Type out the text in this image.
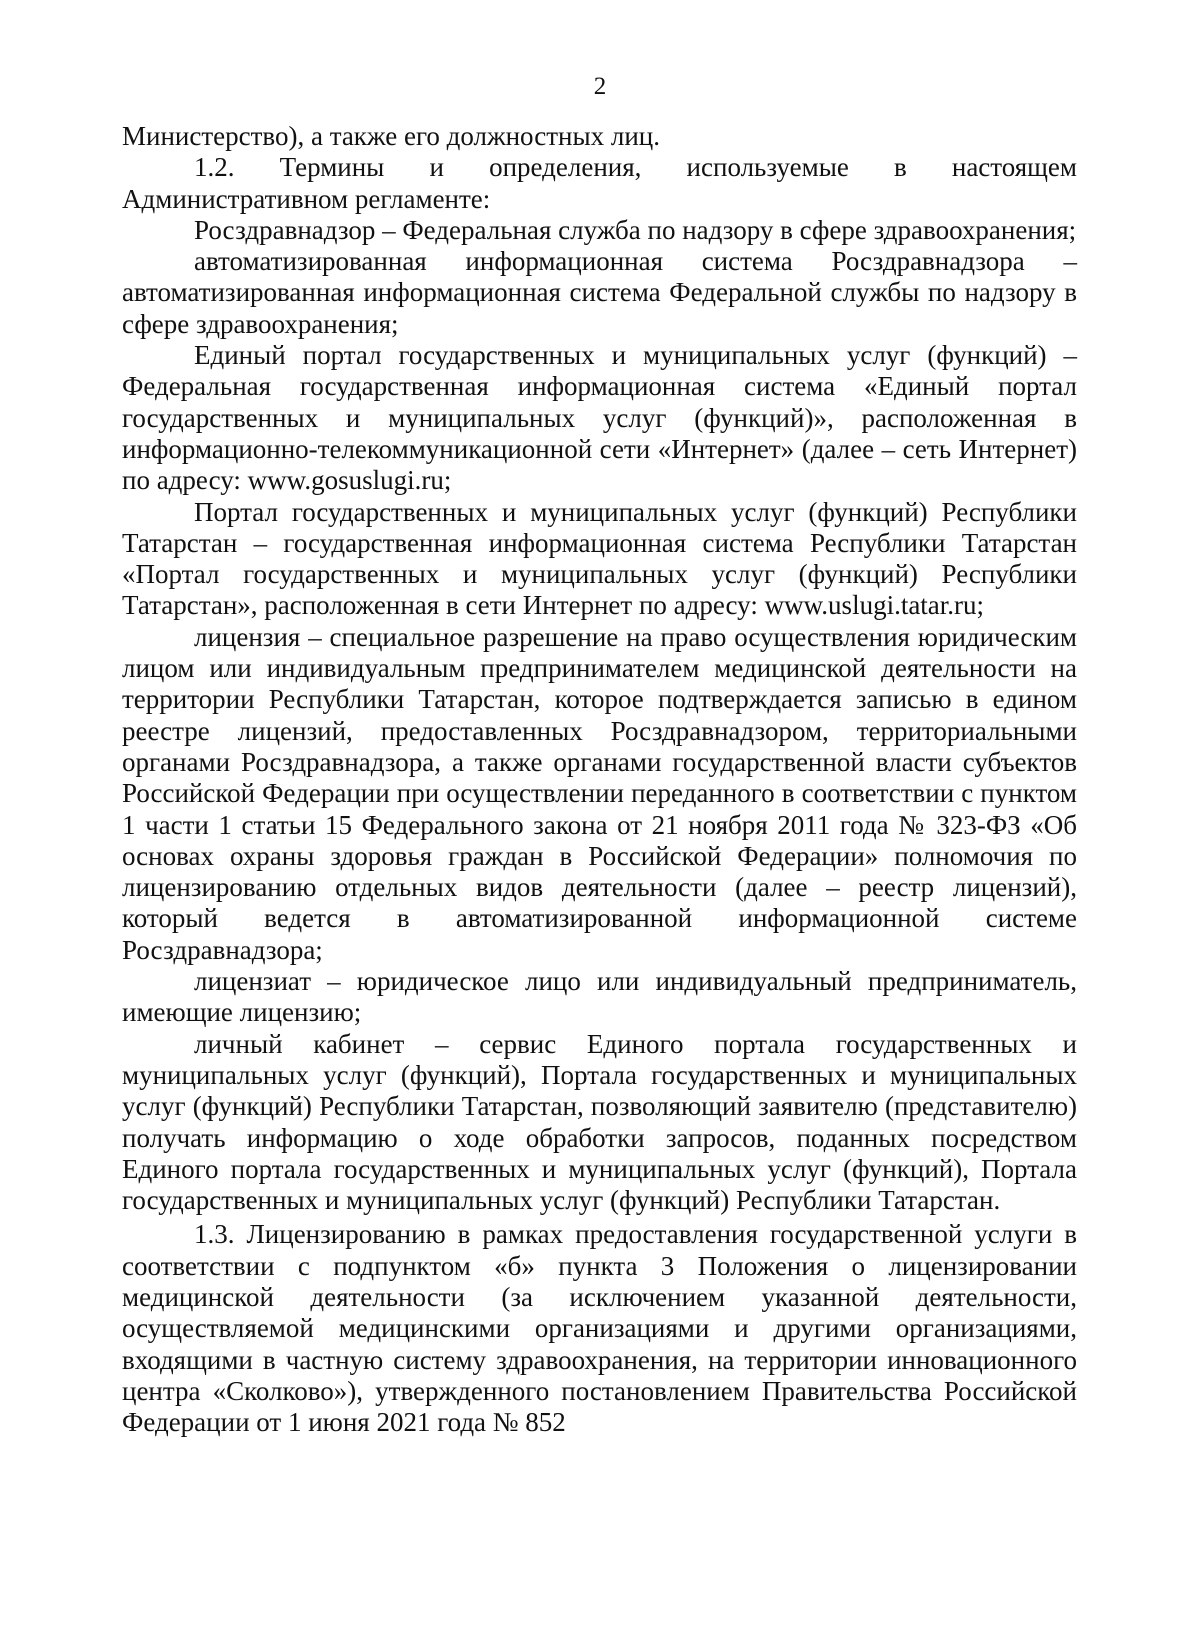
2

Министерство), а также его должностных лиц.

1.2. Термины и определения, используемые в настоящем Административном регламенте:

Росздравнадзор – Федеральная служба по надзору в сфере здравоохранения;

автоматизированная информационная система Росздравнадзора – автоматизированная информационная система Федеральной службы по надзору в сфере здравоохранения;

Единый портал государственных и муниципальных услуг (функций) – Федеральная государственная информационная система «Единый портал государственных и муниципальных услуг (функций)», расположенная в информационно-телекоммуникационной сети «Интернет» (далее – сеть Интернет) по адресу: www.gosuslugi.ru;

Портал государственных и муниципальных услуг (функций) Республики Татарстан – государственная информационная система Республики Татарстан «Портал государственных и муниципальных услуг (функций) Республики Татарстан», расположенная в сети Интернет по адресу: www.uslugi.tatar.ru;

лицензия – специальное разрешение на право осуществления юридическим лицом или индивидуальным предпринимателем медицинской деятельности на территории Республики Татарстан, которое подтверждается записью в едином реестре лицензий, предоставленных Росздравнадзором, территориальными органами Росздравнадзора, а также органами государственной власти субъектов Российской Федерации при осуществлении переданного в соответствии с пунктом 1 части 1 статьи 15 Федерального закона от 21 ноября 2011 года № 323-ФЗ «Об основах охраны здоровья граждан в Российской Федерации» полномочия по лицензированию отдельных видов деятельности (далее – реестр лицензий), который ведется в автоматизированной информационной системе Росздравнадзора;

лицензиат – юридическое лицо или индивидуальный предприниматель, имеющие лицензию;

личный кабинет – сервис Единого портала государственных и муниципальных услуг (функций), Портала государственных и муниципальных услуг (функций) Республики Татарстан, позволяющий заявителю (представителю) получать информацию о ходе обработки запросов, поданных посредством Единого портала государственных и муниципальных услуг (функций), Портала государственных и муниципальных услуг (функций) Республики Татарстан.

1.3. Лицензированию в рамках предоставления государственной услуги в соответствии с подпунктом «б» пункта 3 Положения о лицензировании медицинской деятельности (за исключением указанной деятельности, осуществляемой медицинскими организациями и другими организациями, входящими в частную систему здравоохранения, на территории инновационного центра «Сколково»), утвержденного постановлением Правительства Российской Федерации от 1 июня 2021 года № 852
